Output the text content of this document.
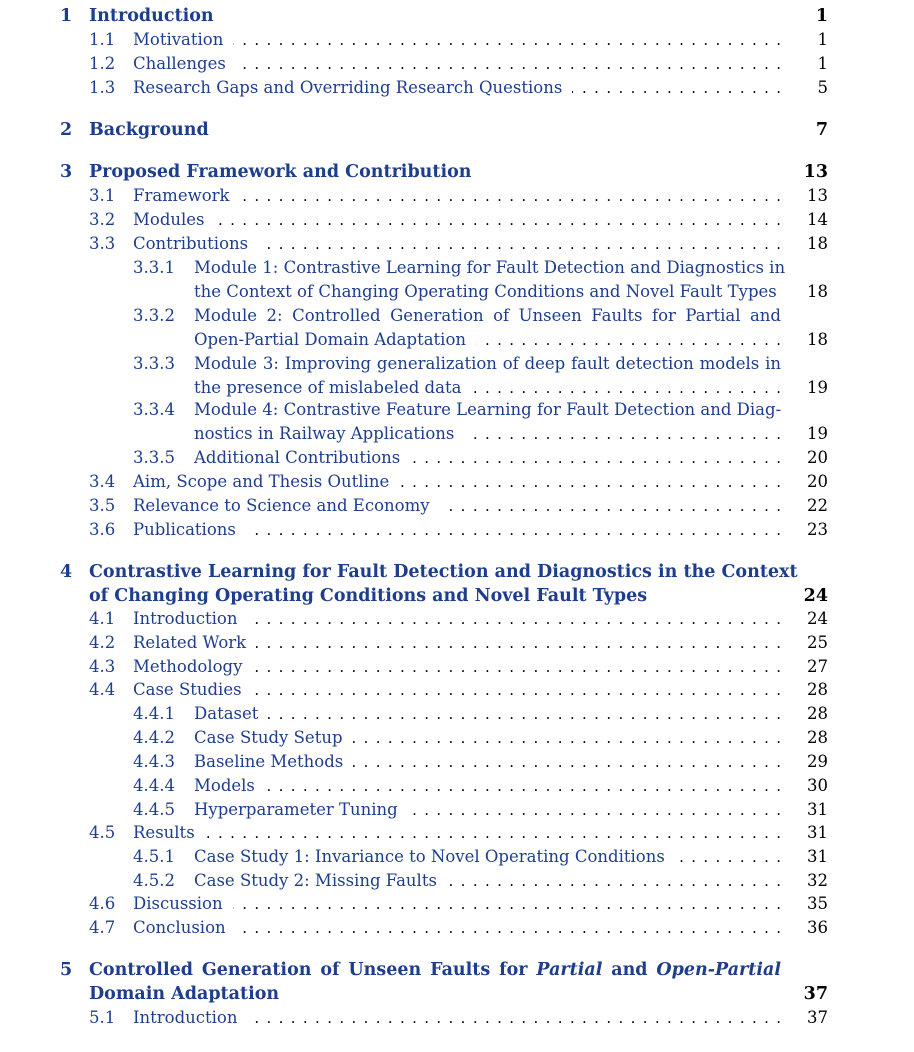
1 Introduction	1
1.1 Motivation	1
. . .
1.2 Challenges	1
. . .
1.3 Research Gaps and Overriding Research Questions	5
. . .
2 Background	7
3 Proposed Framework and Contribution	13
3.1 Framework	13
. . .
3.2 Modules	14
. . .
3.3 Contributions	18
. . .
3.3.1 Module 1: Contrastive Learning for Fault Detection and Diagnostics in
the Context of Changing Operating Conditions and Novel Fault Types 18
3.3.2 Module 2: Controlled Generation of Unseen Faults for Partial and
Open-Partial Domain Adaptation	18
. . .
3.3.3 Module 3: Improving generalization of deep fault detection models in
the presence of mislabeled data	19
. . .
3.3.4 Module 4: Contrastive Feature Learning for Fault Detection and Diag-
nostics in Railway Applications	19
. . .
3.3.5 Additional Contributions	20
. . .
3.4 Aim, Scope and Thesis Outline	20
. . .
3.5 Relevance to Science and Economy	22
. . .
3.6 Publications	23
. . .
4 Contrastive Learning for Fault Detection and Diagnostics in the Context
of Changing Operating Conditions and Novel Fault Types	24
4.1 Introduction	24
. . .
4.2 Related Work	25
. . .
4.3 Methodology	27
. . .
4.4 Case Studies	28
. . .
4.4.1 Dataset	28
. . .
4.4.2 Case Study Setup	28
. . .
4.4.3 Baseline Methods	29
. . .
4.4.4 Models	30
. . .
4.4.5 Hyperparameter Tuning	31
. . .
4.5 Results	31
. . .
4.5.1 Case Study 1: Invariance to Novel Operating Conditions	31
. . .
4.5.2 Case Study 2: Missing Faults	32
. . .
4.6 Discussion	35
. . .
4.7 Conclusion	36
. . .
5 Controlled Generation of Unseen Faults for Partial and Open-Partial
Domain Adaptation	37
5.1 Introduction	37
. . .
